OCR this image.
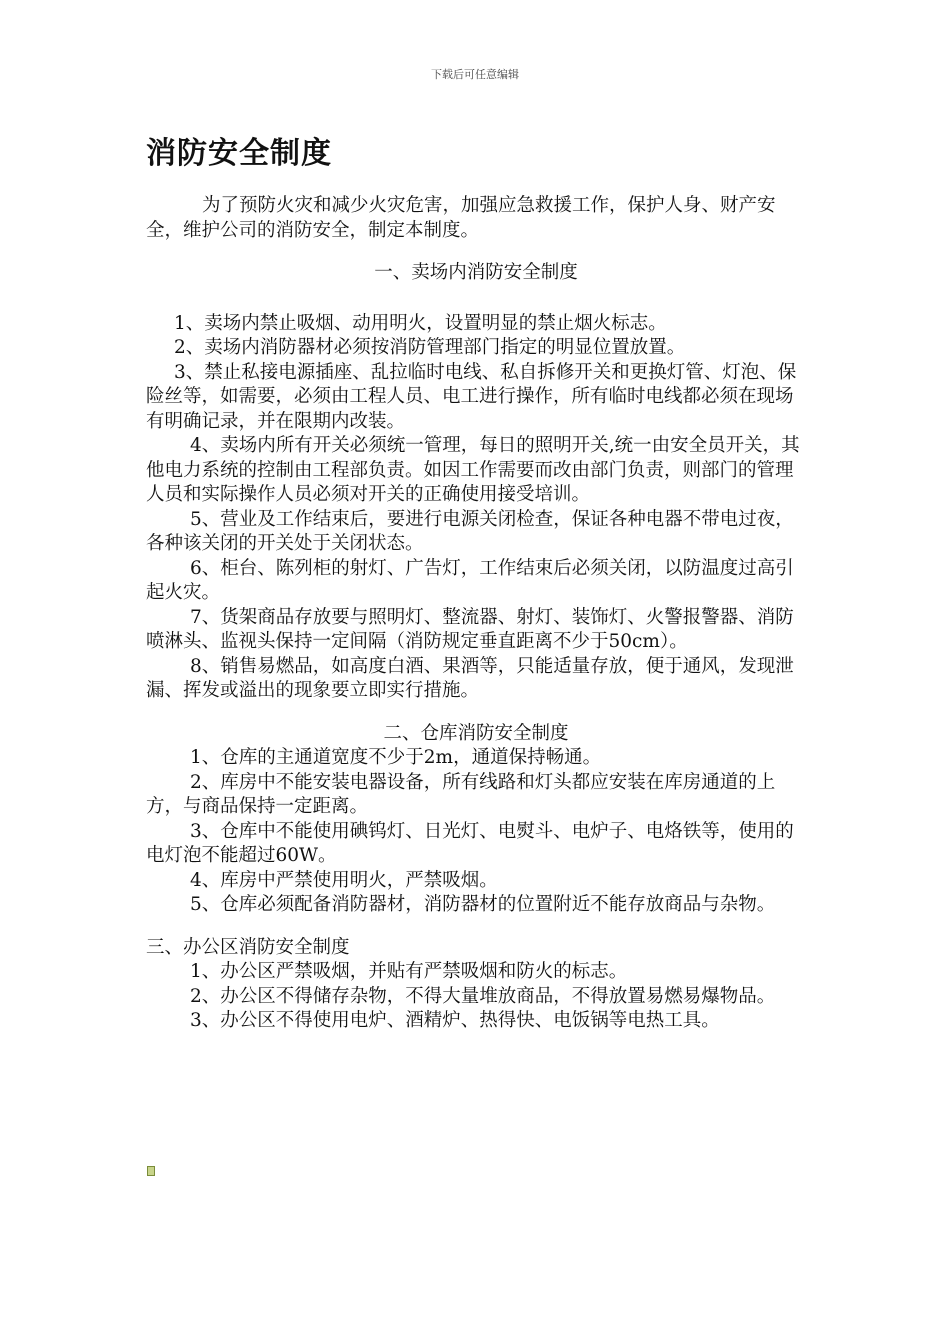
下载后可任意编辑
消防安全制度

为了预防火灾和减少火灾危害，加强应急救援工作，保护人身、财产安全，维护公司的消防安全，制定本制度。

一、卖场内消防安全制度

1、卖场内禁止吸烟、动用明火，设置明显的禁止烟火标志。

2、卖场内消防器材必须按消防管理部门指定的明显位置放置。

3、禁止私接电源插座、乱拉临时电线、私自拆修开关和更换灯管、灯泡、保险丝等，如需要，必须由工程人员、电工进行操作，所有临时电线都必须在现场有明确记录，并在限期内改装。

4、卖场内所有开关必须统一管理，每日的照明开关,统一由安全员开关，其他电力系统的控制由工程部负责。如因工作需要而改由部门负责，则部门的管理人员和实际操作人员必须对开关的正确使用接受培训。

5、营业及工作结束后，要进行电源关闭检查，保证各种电器不带电过夜，各种该关闭的开关处于关闭状态。

6、柜台、陈列柜的射灯、广告灯，工作结束后必须关闭，以防温度过高引起火灾。

7、货架商品存放要与照明灯、整流器、射灯、装饰灯、火警报警器、消防喷淋头、监视头保持一定间隔（消防规定垂直距离不少于50cm）。

8、销售易燃品，如高度白酒、果酒等，只能适量存放，便于通风，发现泄漏、挥发或溢出的现象要立即实行措施。

二、仓库消防安全制度

1、仓库的主通道宽度不少于2m，通道保持畅通。

2、库房中不能安装电器设备，所有线路和灯头都应安装在库房通道的上方，与商品保持一定距离。

3、仓库中不能使用碘钨灯、日光灯、电熨斗、电炉子、电烙铁等，使用的电灯泡不能超过60W。

4、库房中严禁使用明火，严禁吸烟。

5、仓库必须配备消防器材，消防器材的位置附近不能存放商品与杂物。

三、办公区消防安全制度

1、办公区严禁吸烟，并贴有严禁吸烟和防火的标志。

2、办公区不得储存杂物，不得大量堆放商品，不得放置易燃易爆物品。

3、办公区不得使用电炉、酒精炉、热得快、电饭锅等电热工具。
